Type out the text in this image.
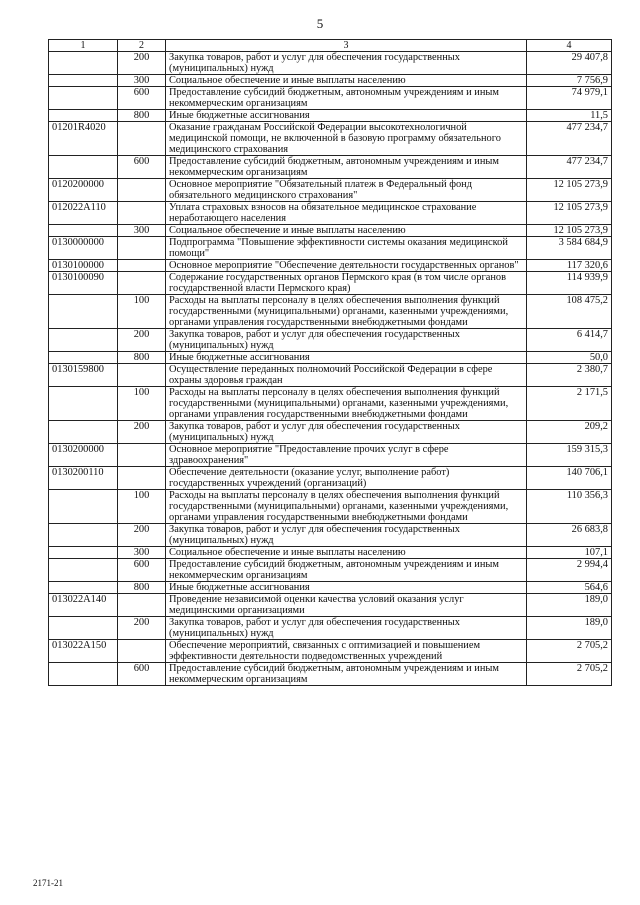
5
1	2	3	4
	200	Закупка товаров, работ и услуг для обеспечения государственных (муниципальных) нужд	29 407,8
	300	Социальное обеспечение и иные выплаты населению	7 756,9
	600	Предоставление субсидий бюджетным, автономным учреждениям и иным некоммерческим организациям	74 979,1
	800	Иные бюджетные ассигнования	11,5
01201R4020		Оказание гражданам Российской Федерации высокотехнологичной медицинской помощи, не включенной в базовую программу обязательного медицинского страхования	477 234,7
	600	Предоставление субсидий бюджетным, автономным учреждениям и иным некоммерческим организациям	477 234,7
0120200000		Основное мероприятие "Обязательный платеж в Федеральный фонд обязательного медицинского страхования"	12 105 273,9
012022А110		Уплата страховых взносов на обязательное медицинское страхование неработающего населения	12 105 273,9
	300	Социальное обеспечение и иные выплаты населению	12 105 273,9
0130000000		Подпрограмма "Повышение эффективности системы оказания медицинской помощи"	3 584 684,9
0130100000		Основное мероприятие "Обеспечение деятельности государственных органов"	117 320,6
0130100090		Содержание государственных органов Пермского края (в том числе органов государственной власти Пермского края)	114 939,9
	100	Расходы на выплаты персоналу в целях обеспечения выполнения функций государственными (муниципальными) органами, казенными учреждениями, органами управления государственными внебюджетными фондами	108 475,2
	200	Закупка товаров, работ и услуг для обеспечения государственных (муниципальных) нужд	6 414,7
	800	Иные бюджетные ассигнования	50,0
0130159800		Осуществление переданных полномочий Российской Федерации в сфере охраны здоровья граждан	2 380,7
	100	Расходы на выплаты персоналу в целях обеспечения выполнения функций государственными (муниципальными) органами, казенными учреждениями, органами управления государственными внебюджетными фондами	2 171,5
	200	Закупка товаров, работ и услуг для обеспечения государственных (муниципальных) нужд	209,2
0130200000		Основное мероприятие "Предоставление прочих услуг в сфере здравоохранения"	159 315,3
0130200110		Обеспечение деятельности (оказание услуг, выполнение работ) государственных учреждений (организаций)	140 706,1
	100	Расходы на выплаты персоналу в целях обеспечения выполнения функций государственными (муниципальными) органами, казенными учреждениями, органами управления государственными внебюджетными фондами	110 356,3
	200	Закупка товаров, работ и услуг для обеспечения государственных (муниципальных) нужд	26 683,8
	300	Социальное обеспечение и иные выплаты населению	107,1
	600	Предоставление субсидий бюджетным, автономным учреждениям и иным некоммерческим организациям	2 994,4
	800	Иные бюджетные ассигнования	564,6
013022А140		Проведение независимой оценки качества условий оказания услуг медицинскими организациями	189,0
	200	Закупка товаров, работ и услуг для обеспечения государственных (муниципальных) нужд	189,0
013022А150		Обеспечение мероприятий, связанных с оптимизацией и повышением эффективности деятельности подведомственных учреждений	2 705,2
	600	Предоставление субсидий бюджетным, автономным учреждениям и иным некоммерческим организациям	2 705,2
2171-21
